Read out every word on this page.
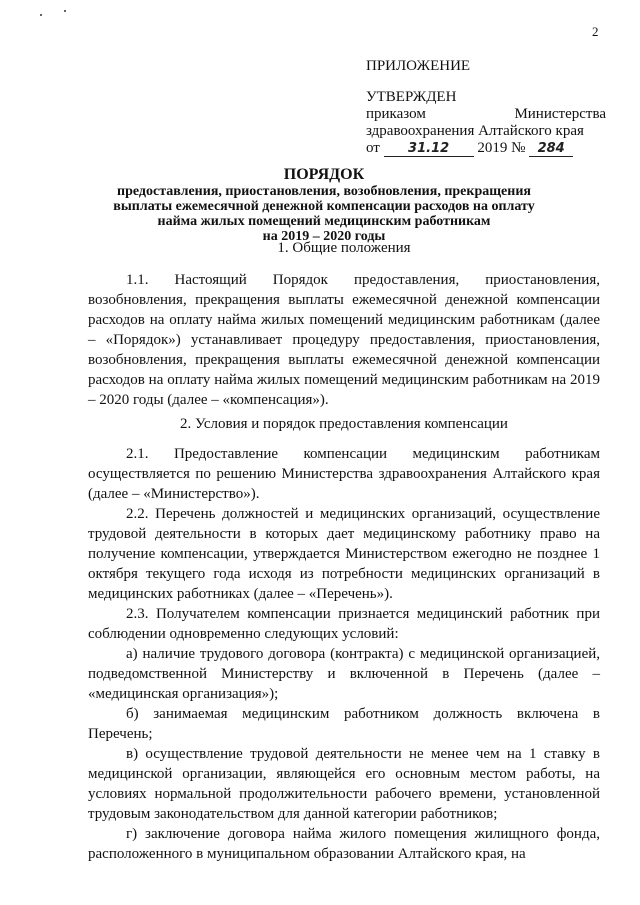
2

ПРИЛОЖЕНИЕ

УТВЕРЖДЕН

приказом Министерства здравоохранения Алтайского края

от 31.12 2019 № 284

ПОРЯДОК

предоставления, приостановления, возобновления, прекращения

выплаты ежемесячной денежной компенсации расходов на оплату

найма жилых помещений медицинским работникам

на 2019 – 2020 годы

1. Общие положения

1.1. Настоящий Порядок предоставления, приостановления, возобновления, прекращения выплаты ежемесячной денежной компенсации расходов на оплату найма жилых помещений медицинским работникам (далее – «Порядок») устанавливает процедуру предоставления, приостановления, возобновления, прекращения выплаты ежемесячной денежной компенсации расходов на оплату найма жилых помещений медицинским работникам на 2019 – 2020 годы (далее – «компенсация»).

2. Условия и порядок предоставления компенсации

2.1. Предоставление компенсации медицинским работникам осуществляется по решению Министерства здравоохранения Алтайского края (далее – «Министерство»).

2.2. Перечень должностей и медицинских организаций, осуществление трудовой деятельности в которых дает медицинскому работнику право на получение компенсации, утверждается Министерством ежегодно не позднее 1 октября текущего года исходя из потребности медицинских организаций в медицинских работниках (далее – «Перечень»).

2.3. Получателем компенсации признается медицинский работник при соблюдении одновременно следующих условий:

а) наличие трудового договора (контракта) с медицинской организацией, подведомственной Министерству и включенной в Перечень (далее – «медицинская организация»);

б) занимаемая медицинским работником должность включена в Перечень;

в) осуществление трудовой деятельности не менее чем на 1 ставку в медицинской организации, являющейся его основным местом работы, на условиях нормальной продолжительности рабочего времени, установленной трудовым законодательством для данной категории работников;

г) заключение договора найма жилого помещения жилищного фонда, расположенного в муниципальном образовании Алтайского края, на
